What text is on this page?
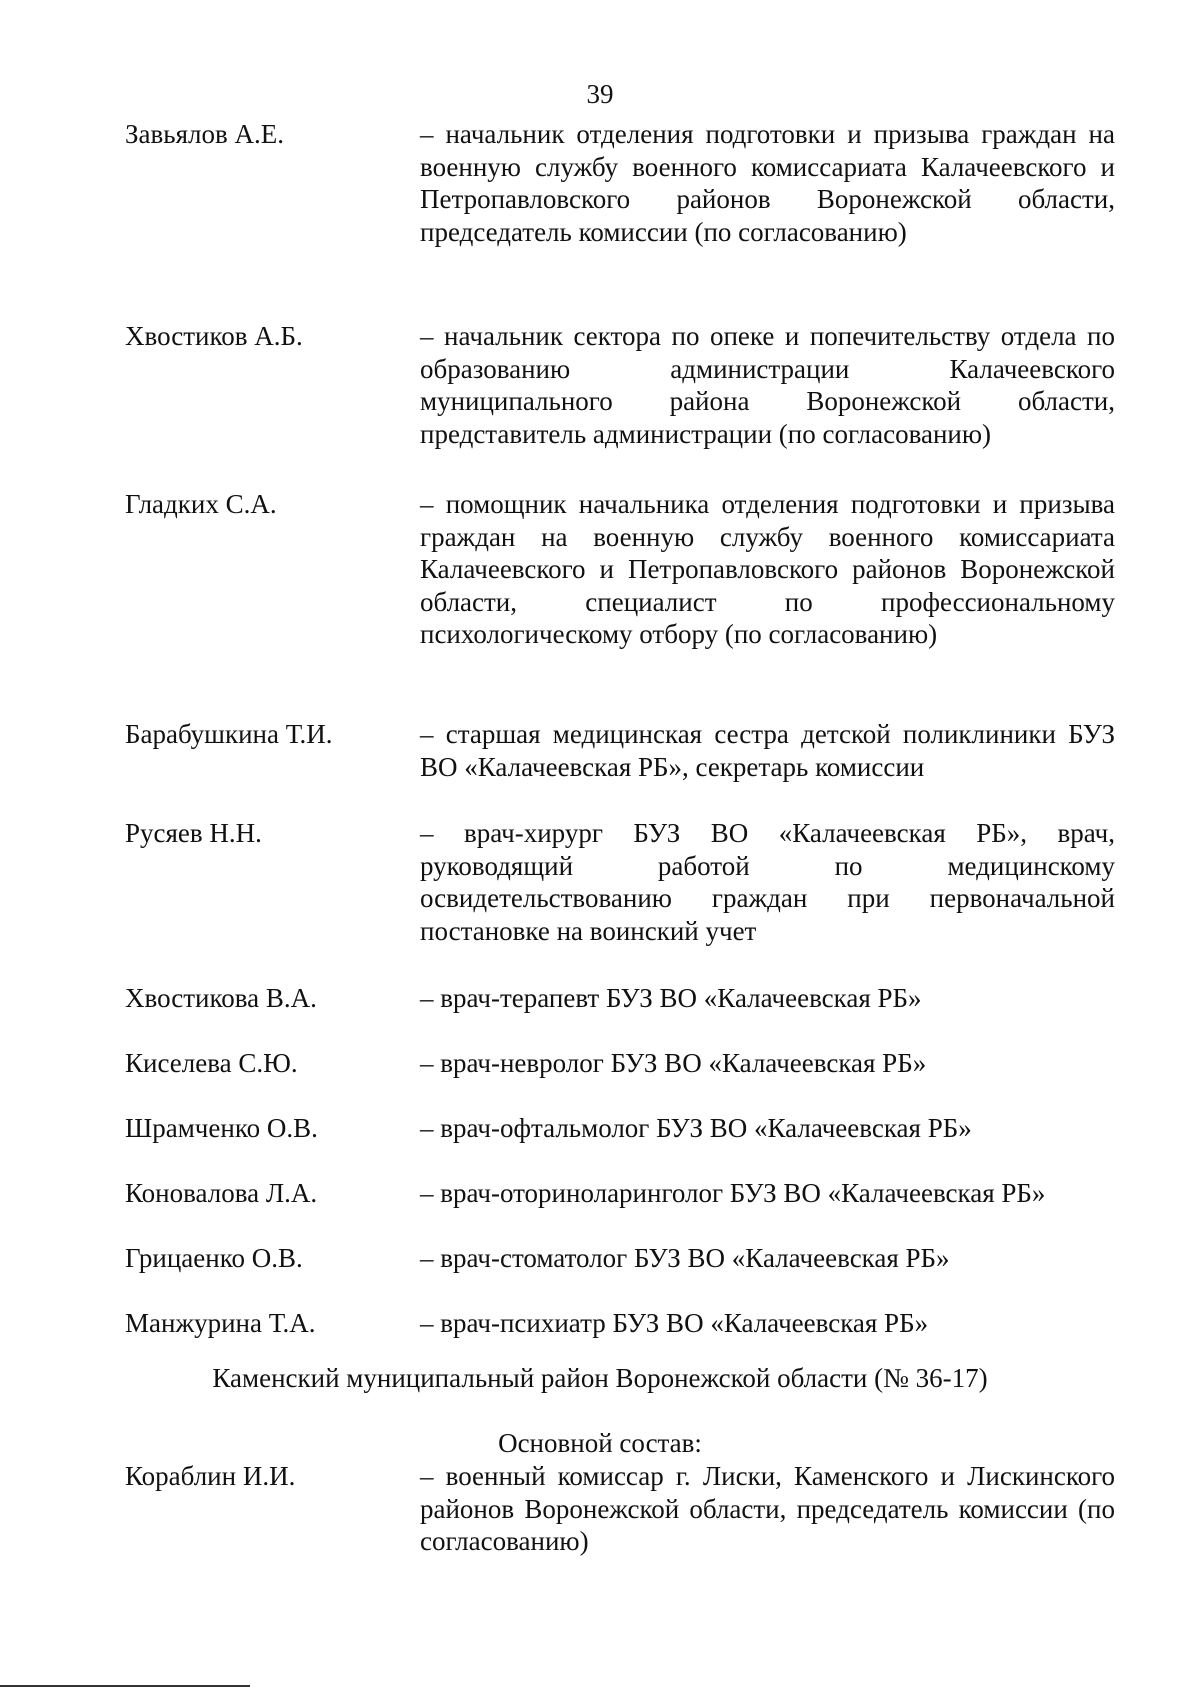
39
Завьялов А.Е.	– начальник отделения подготовки и призыва граждан на военную службу военного комиссариата Калачеевского и Петропавловского районов Воронежской области, председатель комиссии (по согласованию)
Хвостиков А.Б.	– начальник сектора по опеке и попечительству отдела по образованию администрации Калачеевского муниципального района Воронежской области, представитель администрации (по согласованию)
Гладких С.А.	– помощник начальника отделения подготовки и призыва граждан на военную службу военного комиссариата Калачеевского и Петропавловского районов Воронежской области, специалист по профессиональному психологическому отбору (по согласованию)
Барабушкина Т.И.	– старшая медицинская сестра детской поликлиники БУЗ ВО «Калачеевская РБ», секретарь комиссии
Русяев Н.Н.	– врач-хирург БУЗ ВО «Калачеевская РБ», врач, руководящий работой по медицинскому освидетельствованию граждан при первоначальной постановке на воинский учет
Хвостикова В.А.	– врач-терапевт БУЗ ВО «Калачеевская РБ»
Киселева С.Ю.	– врач-невролог БУЗ ВО «Калачеевская РБ»
Шрамченко О.В.	– врач-офтальмолог БУЗ ВО «Калачеевская РБ»
Коновалова Л.А.	– врач-оториноларинголог БУЗ ВО «Калачеевская РБ»
Грицаенко О.В.	– врач-стоматолог БУЗ ВО «Калачеевская РБ»
Манжурина Т.А.	– врач-психиатр БУЗ ВО «Калачеевская РБ»
Каменский муниципальный район Воронежской области (№ 36-17)
Основной состав:
Кораблин И.И.	– военный комиссар г. Лиски, Каменского и Лискинского районов Воронежской области, председатель комиссии (по согласованию)
